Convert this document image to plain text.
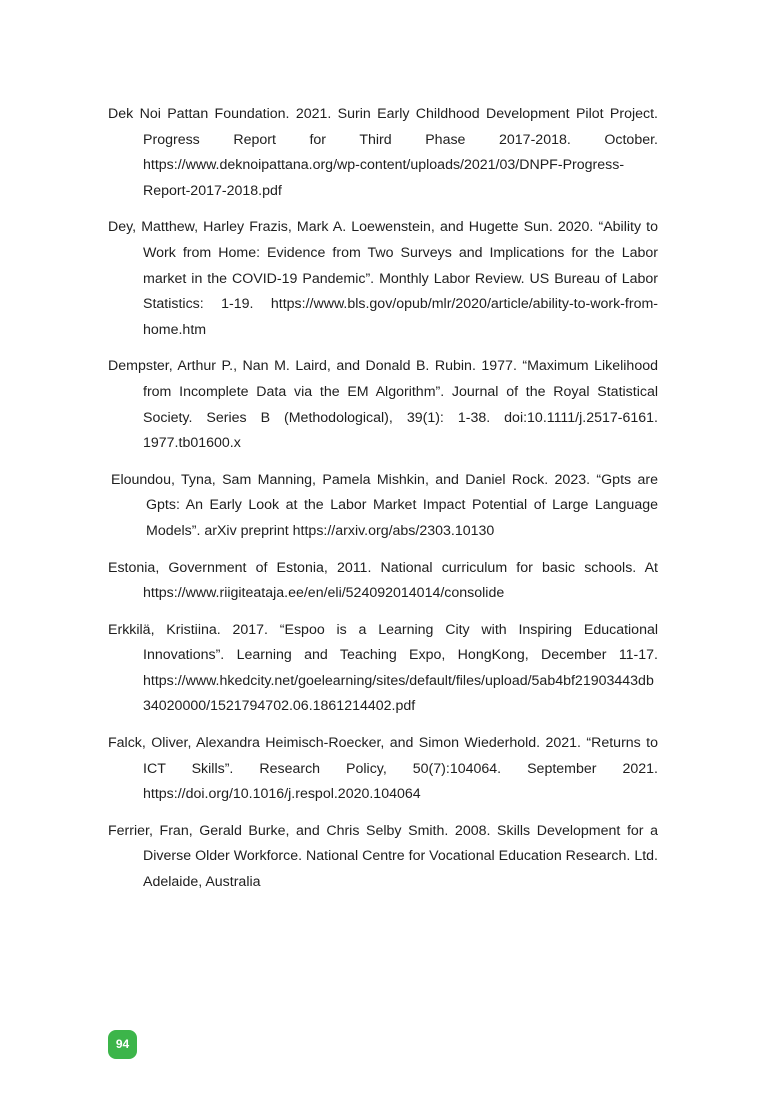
Dek Noi Pattan Foundation. 2021. Surin Early Childhood Development Pilot Project. Progress Report for Third Phase 2017-2018. October. https://www.deknoipattana.org/wp-content/uploads/2021/03/DNPF-Progress-Report-2017-2018.pdf
Dey, Matthew, Harley Frazis, Mark A. Loewenstein, and Hugette Sun. 2020. “Ability to Work from Home: Evidence from Two Surveys and Implications for the Labor market in the COVID-19 Pandemic”. Monthly Labor Review. US Bureau of Labor Statistics: 1-19. https://www.bls.gov/opub/mlr/2020/article/ability-to-work-from-home.htm
Dempster, Arthur P., Nan M. Laird, and Donald B. Rubin. 1977. “Maximum Likelihood from Incomplete Data via the EM Algorithm”. Journal of the Royal Statistical Society. Series B (Methodological), 39(1): 1-38. doi:10.1111/j.2517-6161. 1977.tb01600.x
Eloundou, Tyna, Sam Manning, Pamela Mishkin, and Daniel Rock. 2023. “Gpts are Gpts: An Early Look at the Labor Market Impact Potential of Large Language Models”. arXiv preprint https://arxiv.org/abs/2303.10130
Estonia, Government of Estonia, 2011. National curriculum for basic schools. At https://www.riigiteataja.ee/en/eli/524092014014/consolide
Erkkilä, Kristiina. 2017. “Espoo is a Learning City with Inspiring Educational Innovations”. Learning and Teaching Expo, HongKong, December 11-17. https://www.hkedcity.net/goelearning/sites/default/files/upload/5ab4bf21903443db34020000/1521794702.06.1861214402.pdf
Falck, Oliver, Alexandra Heimisch-Roecker, and Simon Wiederhold. 2021. “Returns to ICT Skills”. Research Policy, 50(7):104064. September 2021. https://doi.org/10.1016/j.respol.2020.104064
Ferrier, Fran, Gerald Burke, and Chris Selby Smith. 2008. Skills Development for a Diverse Older Workforce. National Centre for Vocational Education Research. Ltd. Adelaide, Australia
94
